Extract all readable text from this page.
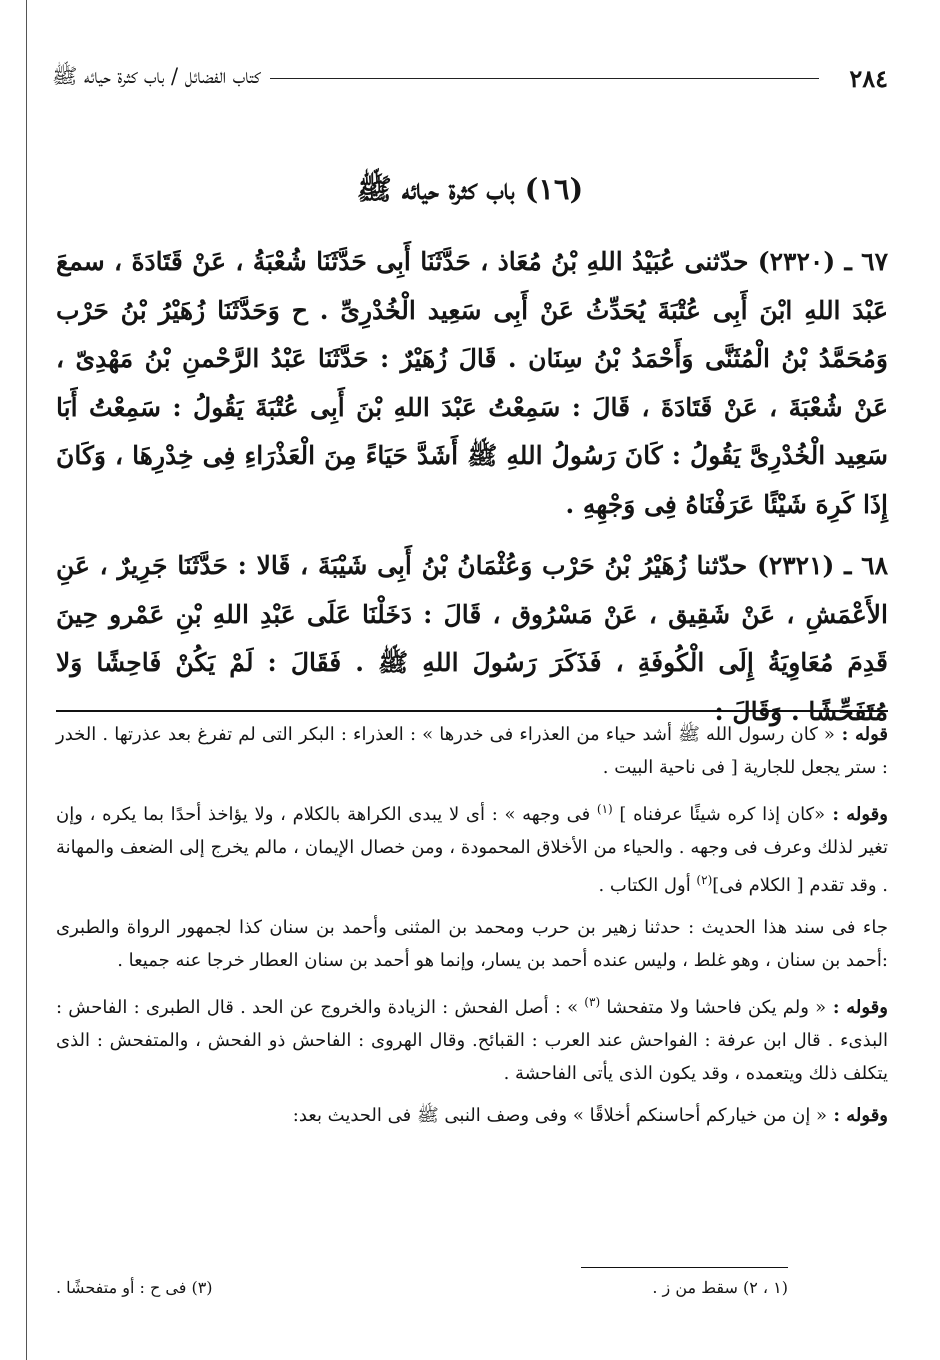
٢٨٤
كتاب الفضائل / باب كثرة حيائه ﷺ
(١٦) باب كثرة حيائه ﷺ
٦٧ ـ (٢٣٢٠) حدّثنى عُبَيْدُ اللهِ بْنُ مُعَاذ ، حَدَّثَنَا أَبِى حَدَّثَنَا شُعْبَةُ ، عَنْ قَتَادَةَ ، سمعَ عَبْدَ اللهِ ابْنَ أَبِى عُتْبَةَ يُحَدِّثُ عَنْ أَبِى سَعِيد الْخُدْرِىِّ . ح وَحَدَّثَنَا زُهَيْرُ بْنُ حَرْب وَمُحَمَّدُ بْنُ الْمُثَنَّى وَأَحْمَدُ بْنُ سِنَان . قَالَ زُهَيْرٌ : حَدَّثَنَا عَبْدُ الرَّحْمنِ بْنُ مَهْدِىّ ، عَنْ شُعْبَةَ ، عَنْ قَتَادَةَ ، قَالَ : سَمِعْتُ عَبْدَ اللهِ بْنَ أَبِى عُتْبَةَ يَقُولُ : سَمِعْتُ أَبَا سَعِيد الْخُدْرِىَّ يَقُولُ : كَانَ رَسُولُ اللهِ ﷺ أَشَدَّ حَيَاءً مِنَ الْعَذْرَاءِ فِى خِدْرِهَا ، وَكَانَ إِذَا كَرِهَ شَيْئًا عَرَفْنَاهُ فِى وَجْهِهِ .
٦٨ ـ (٢٣٢١) حدّثنا زُهَيْرُ بْنُ حَرْب وَعُثْمَانُ بْنُ أَبِى شَيْبَةَ ، قَالا : حَدَّثَنَا جَرِيرٌ ، عَنِ الأَعْمَشِ ، عَنْ شَقِيق ، عَنْ مَسْرُوق ، قَالَ : دَخَلْنَا عَلَى عَبْدِ اللهِ بْنِ عَمْرو حِينَ قَدِمَ مُعَاوِيَةُ إِلَى الْكُوفَةِ ، فَذَكَرَ رَسُولَ اللهِ ﷺ . فَقَالَ : لَمْ يَكُنْ فَاحِشًا وَلا مُتَفَحِّشًا . وَقَالَ :

قوله : « كان رسول الله ﷺ أشد حياء من العذراء فى خدرها » : العذراء : البكر التى لم تفرغ بعد عذرتها . الخدر : ستر يجعل للجارية [ فى ناحية البيت .

وقوله : «كان إذا كره شيئًا عرفناه ] $^{(١)}$ فى وجهه » : أى لا يبدى الكراهة بالكلام ، ولا يؤاخذ أحدًا بما يكره ، وإن تغير لذلك وعرف فى وجهه . والحياء من الأخلاق المحمودة ، ومن خصال الإيمان ، مالم يخرج إلى الضعف والمهانة . وقد تقدم [ الكلام فى]$^{(٢)}$ أول الكتاب .

جاء فى سند هذا الحديث : حدثنا زهير بن حرب ومحمد بن المثنى وأحمد بن سنان كذا لجمهور الرواة والطبرى :أحمد بن سنان ، وهو غلط ، وليس عنده أحمد بن يسار، وإنما هو أحمد بن سنان العطار خرجا عنه جميعا .

وقوله : « ولم يكن فاحشا ولا متفحشا $^{(٣)}$ » : أصل الفحش : الزيادة والخروج عن الحد . قال الطبرى : الفاحش : البذىء . قال ابن عرفة : الفواحش عند العرب : القبائح. وقال الهروى : الفاحش ذو الفحش ، والمتفحش : الذى يتكلف ذلك ويتعمده ، وقد يكون الذى يأتى الفاحشة .

وقوله : « إن من خياركم أحاسنكم أخلاقًا » وفى وصف النبى ﷺ فى الحديث بعد:

(١ ، ٢) سقط من ز .
(٣) فى ح : أو متفحشًا .
